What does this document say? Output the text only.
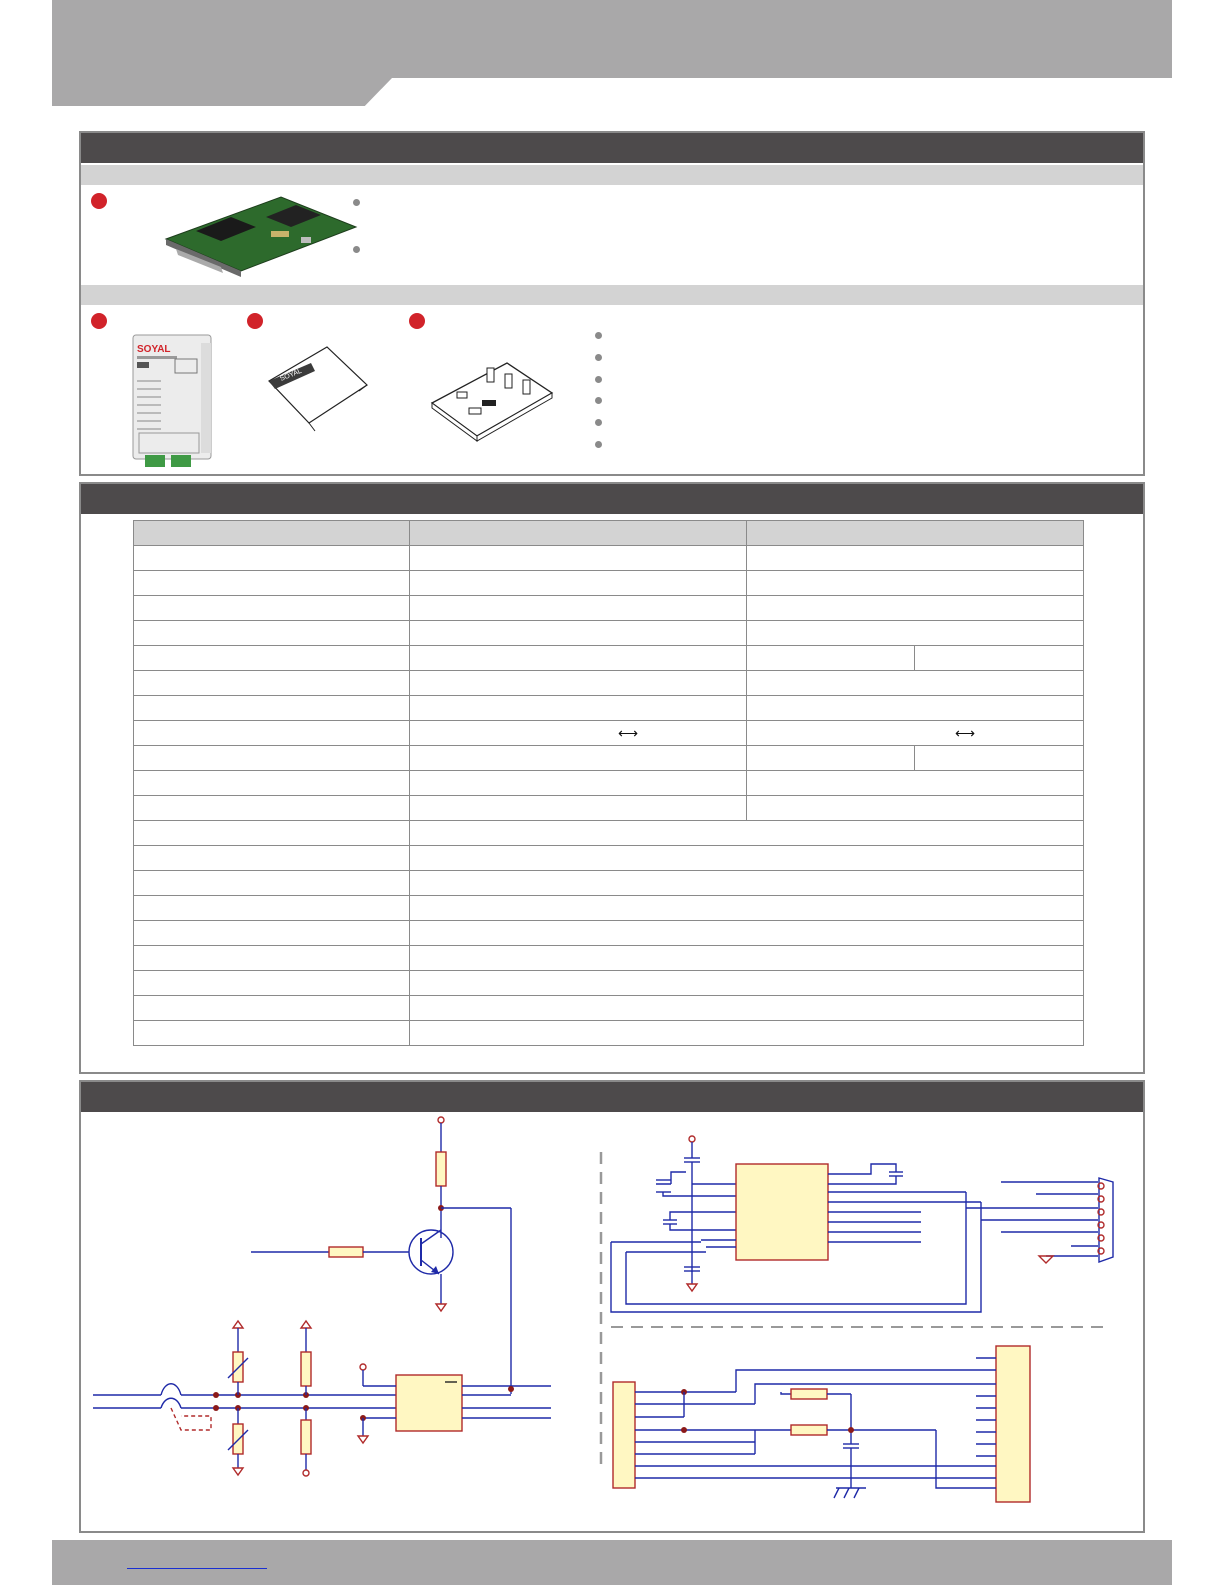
SOYAL
SOYAL

	⟷	⟷	
